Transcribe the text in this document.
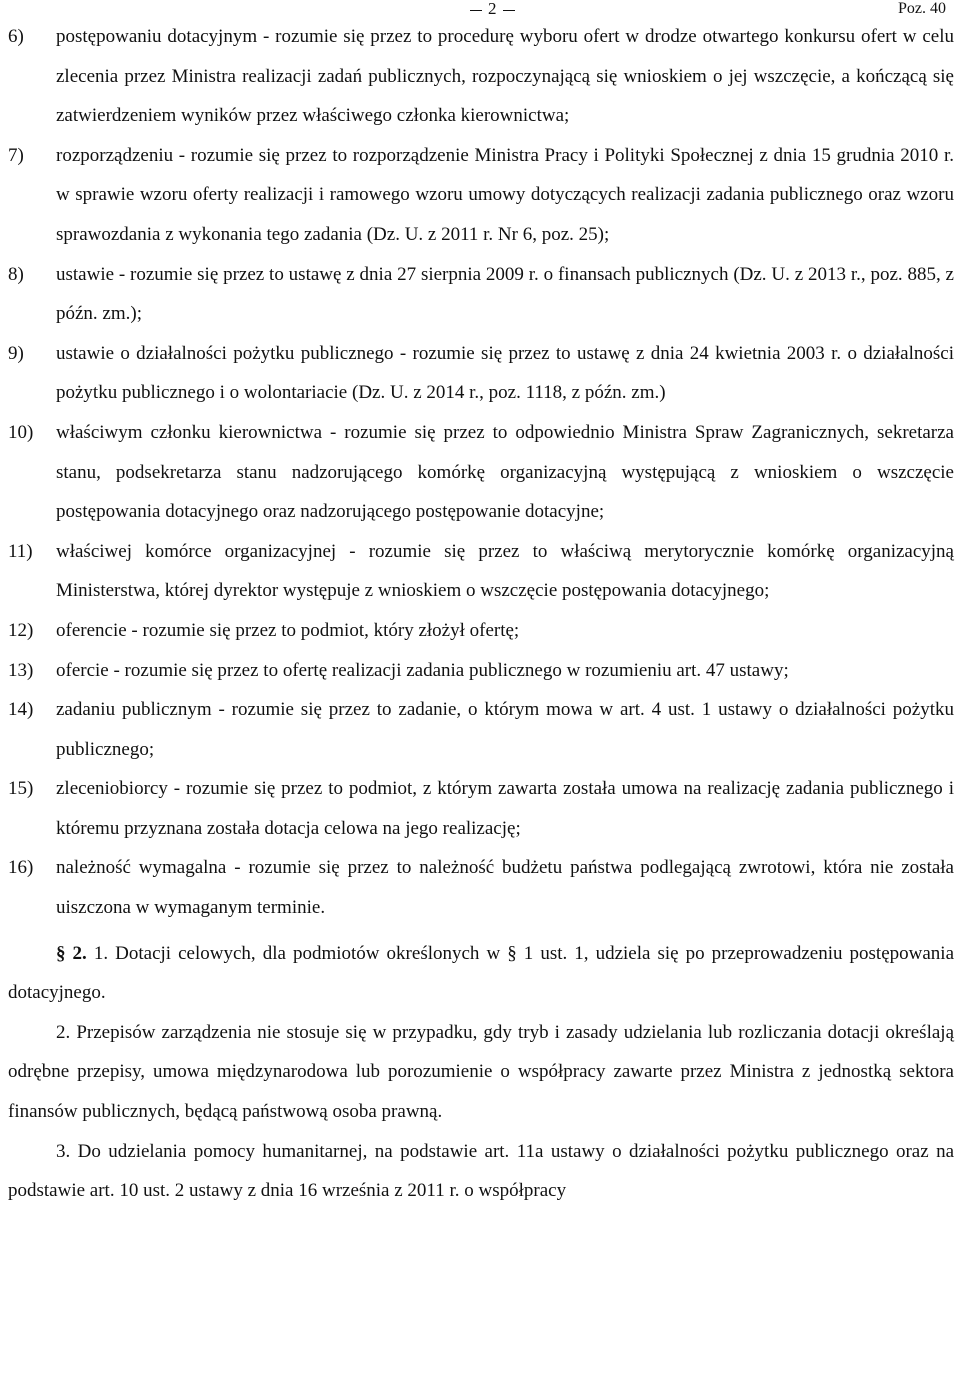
2	Poz. 40
6)	postępowaniu dotacyjnym - rozumie się przez to procedurę wyboru ofert w drodze otwartego konkursu ofert w celu zlecenia przez Ministra realizacji zadań publicznych, rozpoczynającą się wnioskiem o jej wszczęcie, a kończącą się zatwierdzeniem wyników przez właściwego członka kierownictwa;
7)	rozporządzeniu - rozumie się przez to rozporządzenie Ministra Pracy i Polityki Społecznej z dnia 15 grudnia 2010 r. w sprawie wzoru oferty realizacji i ramowego wzoru umowy dotyczących realizacji zadania publicznego oraz wzoru sprawozdania z wykonania tego zadania (Dz. U. z 2011 r. Nr 6, poz. 25);
8)	ustawie - rozumie się przez to ustawę z dnia 27 sierpnia 2009 r. o finansach publicznych (Dz. U. z 2013 r., poz. 885, z późn. zm.);
9)	ustawie o działalności pożytku publicznego - rozumie się przez to ustawę z dnia 24 kwietnia 2003 r. o działalności pożytku publicznego i o wolontariacie (Dz. U. z 2014 r., poz. 1118, z późn. zm.)
10)	właściwym członku kierownictwa - rozumie się przez to odpowiednio Ministra Spraw Zagranicznych, sekretarza stanu, podsekretarza stanu nadzorującego komórkę organizacyjną występującą z wnioskiem o wszczęcie postępowania dotacyjnego oraz nadzorującego postępowanie dotacyjne;
11)	właściwej komórce organizacyjnej - rozumie się przez to właściwą merytorycznie komórkę organizacyjną Ministerstwa, której dyrektor występuje z wnioskiem o wszczęcie postępowania dotacyjnego;
12)	oferencie - rozumie się przez to podmiot, który złożył ofertę;
13)	ofercie - rozumie się przez to ofertę realizacji zadania publicznego w rozumieniu art. 47 ustawy;
14)	zadaniu publicznym - rozumie się przez to zadanie, o którym mowa w art. 4 ust. 1 ustawy o działalności pożytku publicznego;
15)	zleceniobiorcy - rozumie się przez to podmiot, z którym zawarta została umowa na realizację zadania publicznego i któremu przyznana została dotacja celowa na jego realizację;
16)	należność wymagalna - rozumie się przez to należność budżetu państwa podlegającą zwrotowi, która nie została uiszczona w wymaganym terminie.

§ 2. 1. Dotacji celowych, dla podmiotów określonych w § 1 ust. 1, udziela się po przeprowadzeniu postępowania dotacyjnego.

2. Przepisów zarządzenia nie stosuje się w przypadku, gdy tryb i zasady udzielania lub rozliczania dotacji określają odrębne przepisy, umowa międzynarodowa lub porozumienie o współpracy zawarte przez Ministra z jednostką sektora finansów publicznych, będącą państwową osoba prawną.

3. Do udzielania pomocy humanitarnej, na podstawie art. 11a ustawy o działalności pożytku publicznego oraz na podstawie art. 10 ust. 2 ustawy z dnia 16 września z 2011 r. o współpracy
